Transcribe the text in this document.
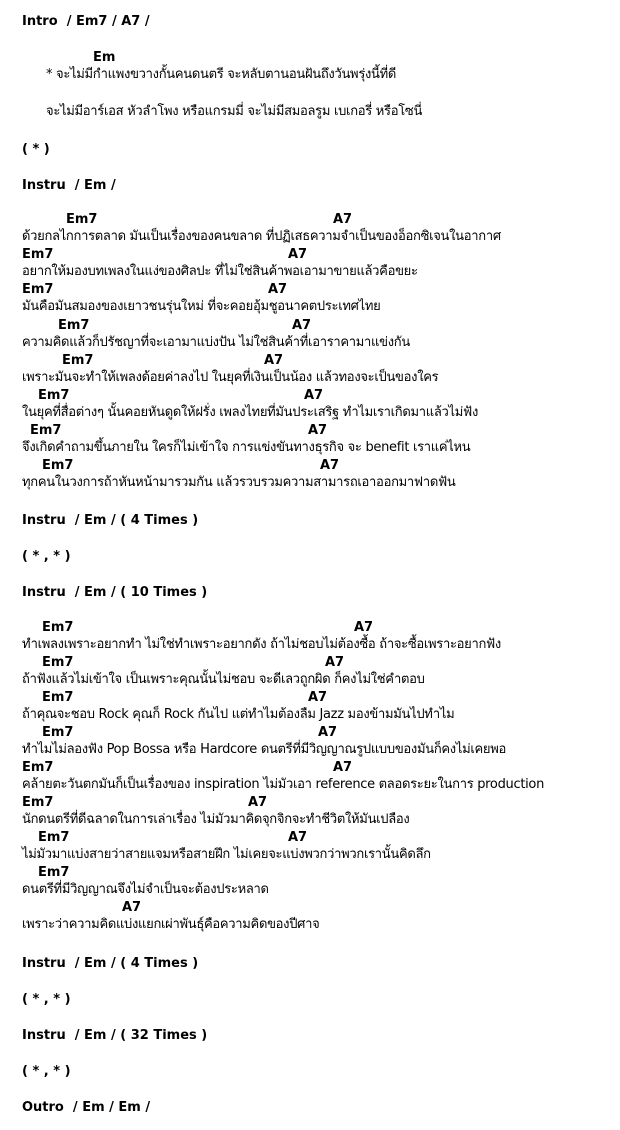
Intro  / Em7 / A7 /
Em
* จะไม่มีกำแพงขวางกั้นคนดนตรี จะหลับตานอนฝันถึงวันพรุ่งนี้ที่ดี
จะไม่มีอาร์เอส หัวลำโพง หรือแกรมมี่ จะไม่มีสมอลรูม เบเกอรี่ หรือโซนี่
( * )
Instru  / Em /

Em7

	A7

ด้วยกลไกการตลาด มันเป็นเรื่องของคนขลาด ที่ปฏิเสธความจำเป็นของอ็อกซิเจนในอากาศ

Em7

	A7

อยากให้มองบทเพลงในแง่ของศิลปะ ที่ไม่ใช่สินค้าพอเอามาขายแล้วคือขยะ

Em7

	A7

มันคือมันสมองของเยาวชนรุ่นใหม่ ที่จะคอยอุ้มชูอนาคตประเทศไทย

Em7

	A7

ความคิดแล้วก็ปรัชญาที่จะเอามาแบ่งปัน ไม่ใช่สินค้าที่เอาราคามาแข่งกัน

Em7

	A7

เพราะมันจะทำให้เพลงด้อยค่าลงไป ในยุคที่เงินเป็นน้อง แล้วทองจะเป็นของใคร

Em7

	A7

ในยุคที่สื่อต่างๆ นั้นคอยหันดูดให้ฝรั่ง เพลงไทยที่มันประเสริฐ ทำไมเราเกิดมาแล้วไม่ฟัง

Em7

	A7

จึงเกิดคำถามขึ้นภายใน ใครก็ไม่เข้าใจ การแข่งขันทางธุรกิจ จะ benefit เราแค่ไหน

Em7

	A7

ทุกคนในวงการถ้าหันหน้ามารวมกัน แล้วรวบรวมความสามารถเอาออกมาฟาดฟัน
Instru  / Em / ( 4 Times )
( * , * )
Instru  / Em / ( 10 Times )

Em7

	A7

ทำเพลงเพราะอยากทำ ไม่ใช่ทำเพราะอยากดัง ถ้าไม่ชอบไม่ต้องซื้อ ถ้าจะซื้อเพราะอยากฟัง

Em7

	A7

ถ้าฟังแล้วไม่เข้าใจ เป็นเพราะคุณนั้นไม่ชอบ จะดีเลวถูกผิด ก็คงไม่ใช่คำตอบ

Em7

	A7

ถ้าคุณจะชอบ Rock คุณก็ Rock กันไป แต่ทำไมต้องลืม Jazz มองข้ามมันไปทำไม

Em7

	A7

ทำไมไม่ลองฟัง Pop Bossa หรือ Hardcore ดนตรีที่มีวิญญาณรูปแบบของมันก็คงไม่เคยพอ

Em7

	A7

คล้ายตะวันตกมันก็เป็นเรื่องของ inspiration ไม่มัวเอา reference ตลอดระยะในการ production

Em7

	A7

นักดนตรีที่ดีฉลาดในการเล่าเรื่อง ไม่มัวมาคิดจุกจิกจะทำชีวิตให้มันเปลือง

Em7

	A7

ไม่มัวมาแบ่งสายว่าสายแจมหรือสายฝึก ไม่เคยจะแบ่งพวกว่าพวกเรานั้นคิดลึก

Em7

ดนตรีที่มีวิญญาณจึงไม่จำเป็นจะต้องประหลาด

A7

เพราะว่าความคิดแบ่งแยกเผ่าพันธุ์คือความคิดของปีศาจ
Instru  / Em / ( 4 Times )
( * , * )
Instru  / Em / ( 32 Times )
( * , * )
Outro  / Em / Em /
